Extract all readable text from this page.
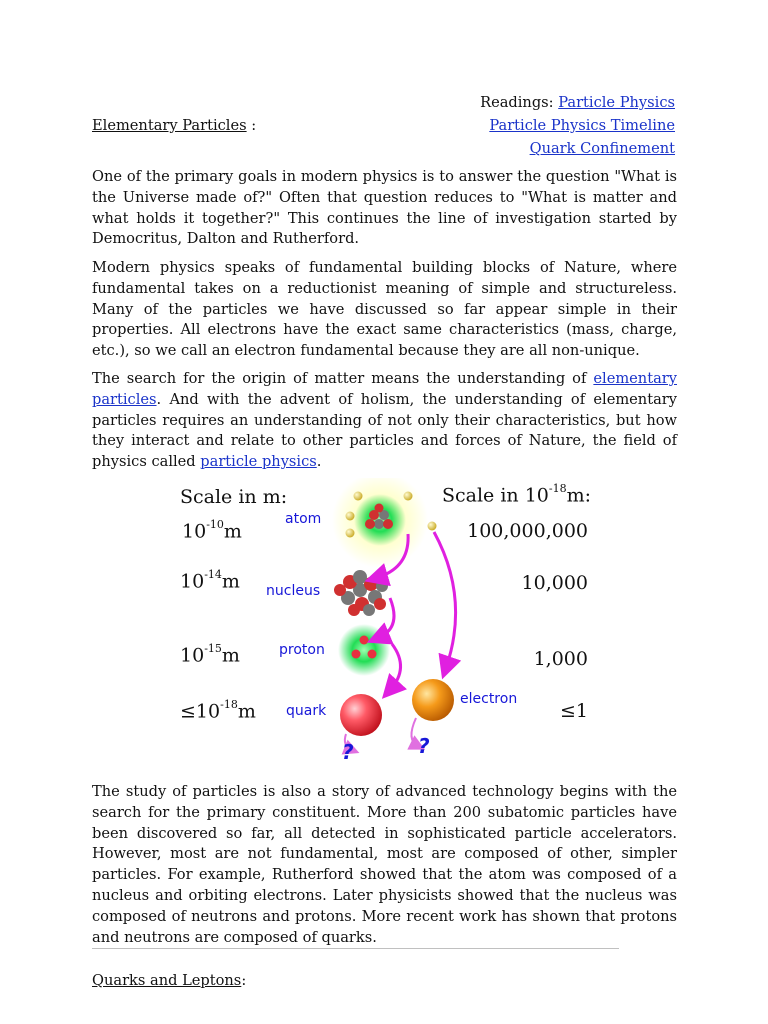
Elementary Particles :
Readings: Particle Physics
Particle Physics Timeline
Quark Confinement

One of the primary goals in modern physics is to answer the question "What is the Universe made of?" Often that question reduces to "What is matter and what holds it together?" This continues the line of investigation started by Democritus, Dalton and Rutherford.

Modern physics speaks of fundamental building blocks of Nature, where fundamental takes on a reductionist meaning of simple and structureless. Many of the particles we have discussed so far appear simple in their properties. All electrons have the exact same characteristics (mass, charge, etc.), so we call an electron fundamental because they are all non-unique.

The search for the origin of matter means the understanding of elementary particles. And with the advent of holism, the understanding of elementary particles requires an understanding of not only their characteristics, but how they interact and relate to other particles and forces of Nature, the field of physics called particle physics.

Scale in m:	Scale in $10^{-18}m$:
$10^{-10}m$
$10^{-14}m$
$10^{-15}m$
$\le 10^{-18}m$
atom
nucleus
proton
quark
electron
?	?
100,000,000
10,000
1,000
≤1

The study of particles is also a story of advanced technology begins with the search for the primary constituent. More than 200 subatomic particles have been discovered so far, all detected in sophisticated particle accelerators. However, most are not fundamental, most are composed of other, simpler particles. For example, Rutherford showed that the atom was composed of a nucleus and orbiting electrons. Later physicists showed that the nucleus was composed of neutrons and protons. More recent work has shown that protons and neutrons are composed of quarks.

Quarks and Leptons:
